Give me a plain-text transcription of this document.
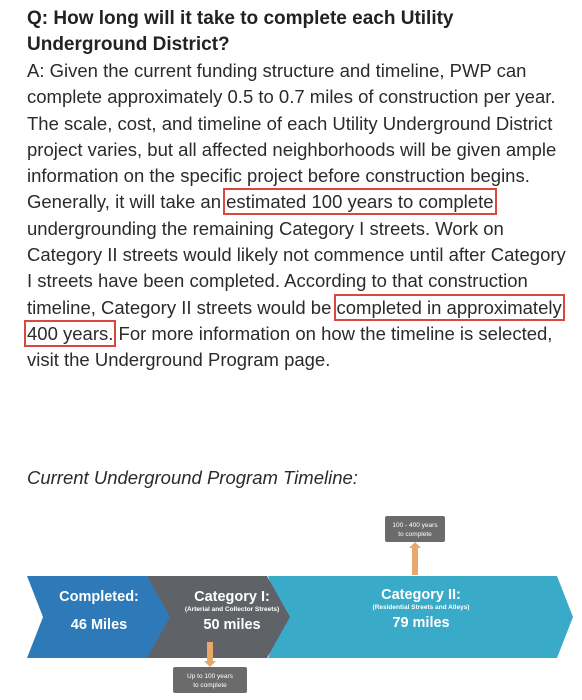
Q: How long will it take to complete each Utility Underground District?

A: Given the current funding structure and timeline, PWP can complete approximately 0.5 to 0.7 miles of construction per year. The scale, cost, and timeline of each Utility Underground District project varies, but all affected neighborhoods will be given ample information on the specific project before construction begins. Generally, it will take an estimated 100 years to complete undergrounding the remaining Category I streets. Work on Category II streets would likely not commence until after Category I streets have been completed. According to that construction timeline, Category II streets would be completed in approximately 400 years. For more information on how the timeline is selected, visit the Underground Program page.

Current Underground Program Timeline:

100 - 400 years
to complete
Completed:
46 Miles
Category I:
(Arterial and Collector Streets)
50 miles
Category II:
(Residential Streets and Alleys)
79 miles
Up to 100 years
to complete
